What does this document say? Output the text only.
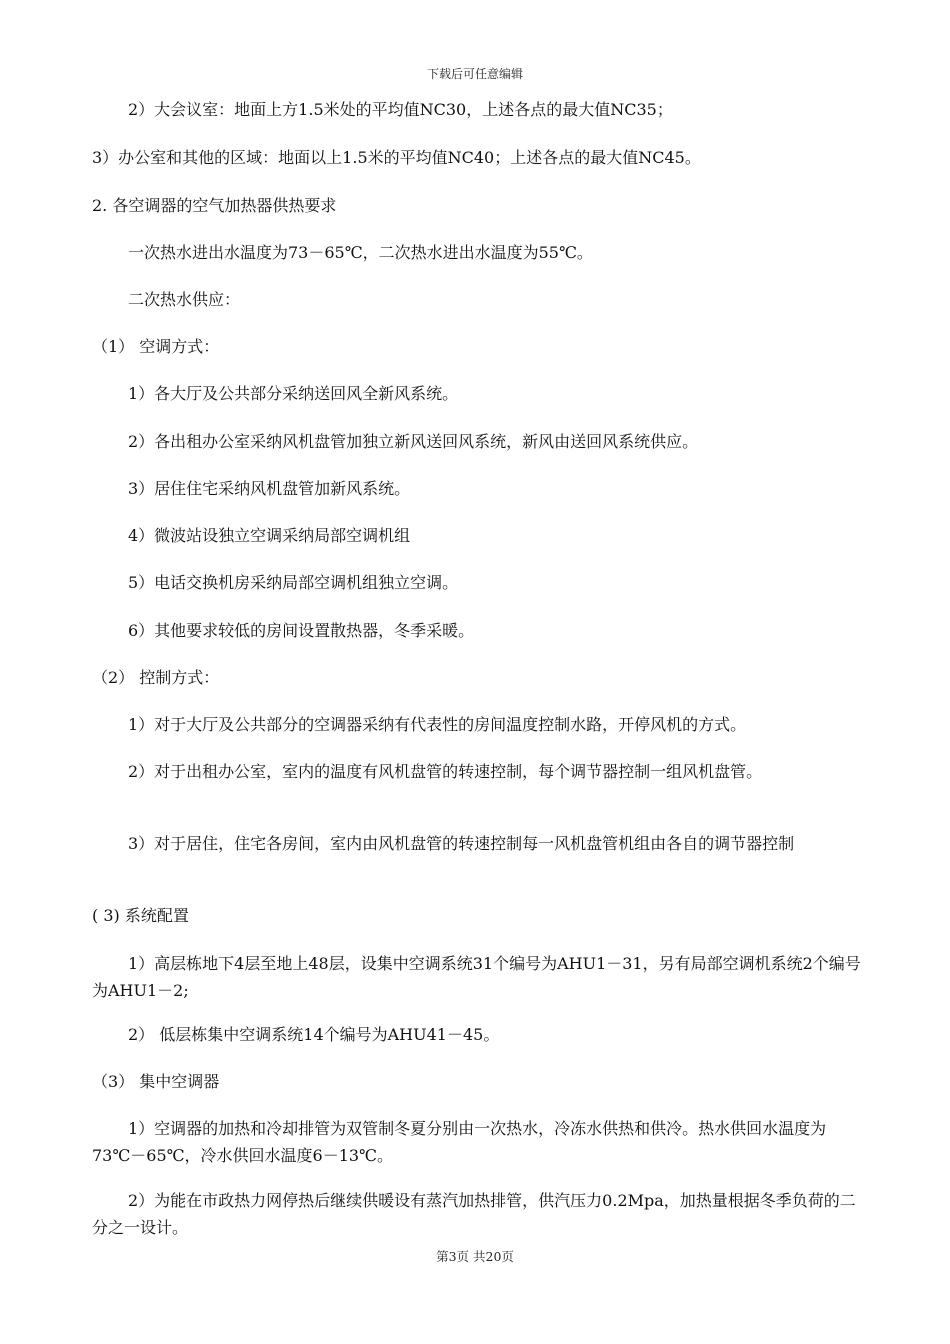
下载后可任意编辑
2）大会议室：地面上方1.5米处的平均值NC30，上述各点的最大值NC35；
3）办公室和其他的区域：地面以上1.5米的平均值NC40；上述各点的最大值NC45。
2. 各空调器的空气加热器供热要求
一次热水进出水温度为73－65℃，二次热水进出水温度为55℃。
二次热水供应：
（1） 空调方式：
1）各大厅及公共部分采纳送回风全新风系统。
2）各出租办公室采纳风机盘管加独立新风送回风系统，新风由送回风系统供应。
3）居住住宅采纳风机盘管加新风系统。
4）微波站设独立空调采纳局部空调机组
5）电话交换机房采纳局部空调机组独立空调。
6）其他要求较低的房间设置散热器，冬季采暖。
（2） 控制方式：
1）对于大厅及公共部分的空调器采纳有代表性的房间温度控制水路，开停风机的方式。
2）对于出租办公室，室内的温度有风机盘管的转速控制，每个调节器控制一组风机盘管。
3）对于居住，住宅各房间，室内由风机盘管的转速控制每一风机盘管机组由各自的调节器控制
( 3) 系统配置
1）高层栋地下4层至地上48层，设集中空调系统31个编号为AHU1－31，另有局部空调机系统2个编号为AHU1－2;
2） 低层栋集中空调系统14个编号为AHU41－45。
（3） 集中空调器
1）空调器的加热和冷却排管为双管制冬夏分别由一次热水，冷冻水供热和供冷。热水供回水温度为73℃－65℃，冷水供回水温度6－13℃。
2）为能在市政热力网停热后继续供暖设有蒸汽加热排管，供汽压力0.2Mpa，加热量根据冬季负荷的二分之一设计。
第3页 共20页
